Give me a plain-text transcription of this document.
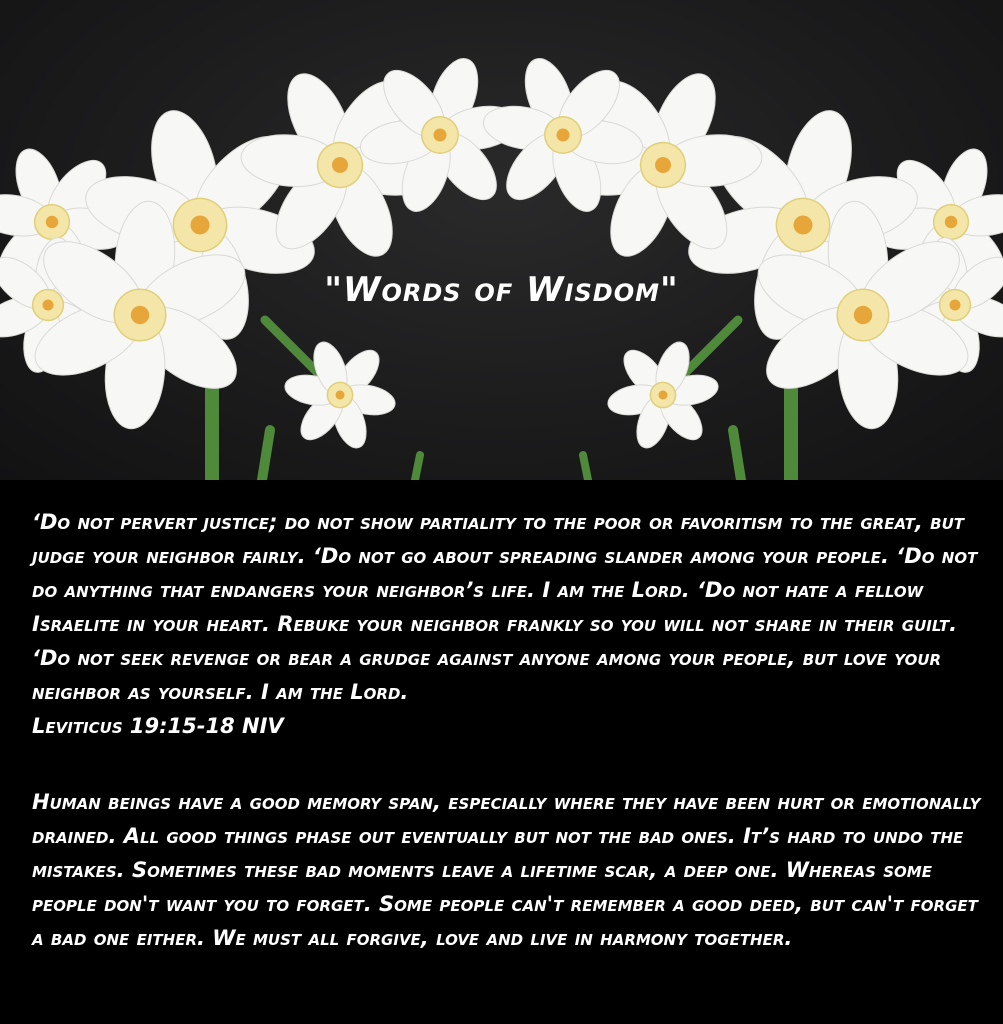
"Words of Wisdom"

‘Do not pervert justice; do not show partiality to the poor or favoritism to the great, but judge your neighbor fairly. ‘Do not go about spreading slander among your people. ‘Do not do anything that endangers your neighbor’s life. I am the Lord. ‘Do not hate a fellow Israelite in your heart. Rebuke your neighbor frankly so you will not share in their guilt. ‘Do not seek revenge or bear a grudge against anyone among your people, but love your neighbor as yourself. I am the Lord.

Leviticus 19:15-18 NIV

Human beings have a good memory span, especially where they have been hurt or emotionally drained. All good things phase out eventually but not the bad ones. It’s hard to undo the mistakes. Sometimes these bad moments leave a lifetime scar, a deep one. Whereas some people don't want you to forget. Some people can't remember a good deed, but can't forget a bad one either. We must all forgive, love and live in harmony together.
